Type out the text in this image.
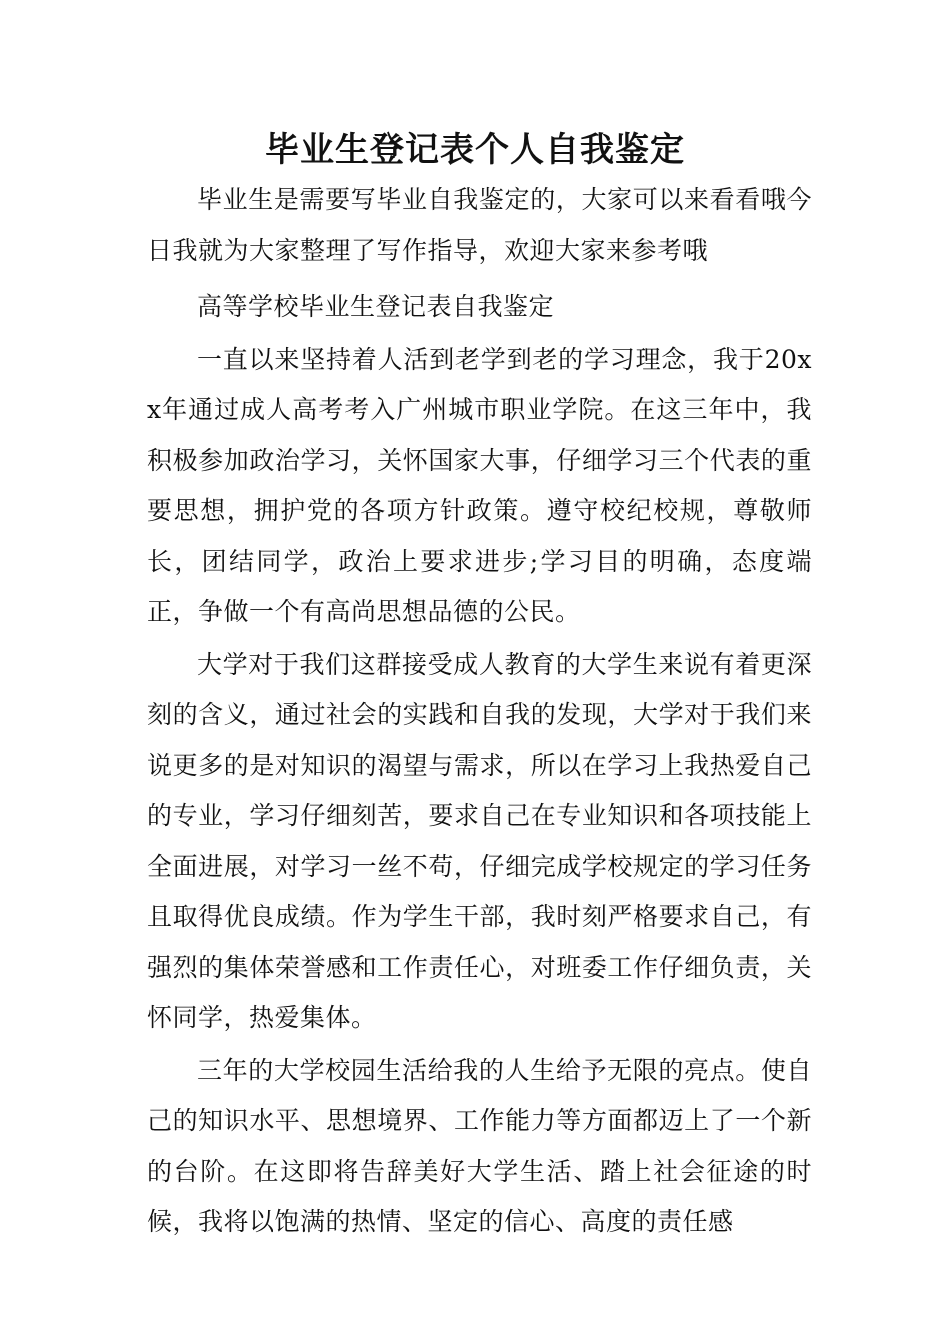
毕业生登记表个人自我鉴定

毕业生是需要写毕业自我鉴定的，大家可以来看看哦今日我就为大家整理了写作指导，欢迎大家来参考哦

高等学校毕业生登记表自我鉴定

一直以来坚持着人活到老学到老的学习理念，我于20xx年通过成人高考考入广州城市职业学院。在这三年中，我积极参加政治学习，关怀国家大事，仔细学习三个代表的重要思想，拥护党的各项方针政策。遵守校纪校规，尊敬师长，团结同学，政治上要求进步;学习目的明确，态度端正，争做一个有高尚思想品德的公民。

大学对于我们这群接受成人教育的大学生来说有着更深刻的含义，通过社会的实践和自我的发现，大学对于我们来说更多的是对知识的渴望与需求，所以在学习上我热爱自己的专业，学习仔细刻苦，要求自己在专业知识和各项技能上全面进展，对学习一丝不苟，仔细完成学校规定的学习任务且取得优良成绩。作为学生干部，我时刻严格要求自己，有强烈的集体荣誉感和工作责任心，对班委工作仔细负责，关怀同学，热爱集体。

三年的大学校园生活给我的人生给予无限的亮点。使自己的知识水平、思想境界、工作能力等方面都迈上了一个新的台阶。在这即将告辞美好大学生活、踏上社会征途的时候，我将以饱满的热情、坚定的信心、高度的责任感
